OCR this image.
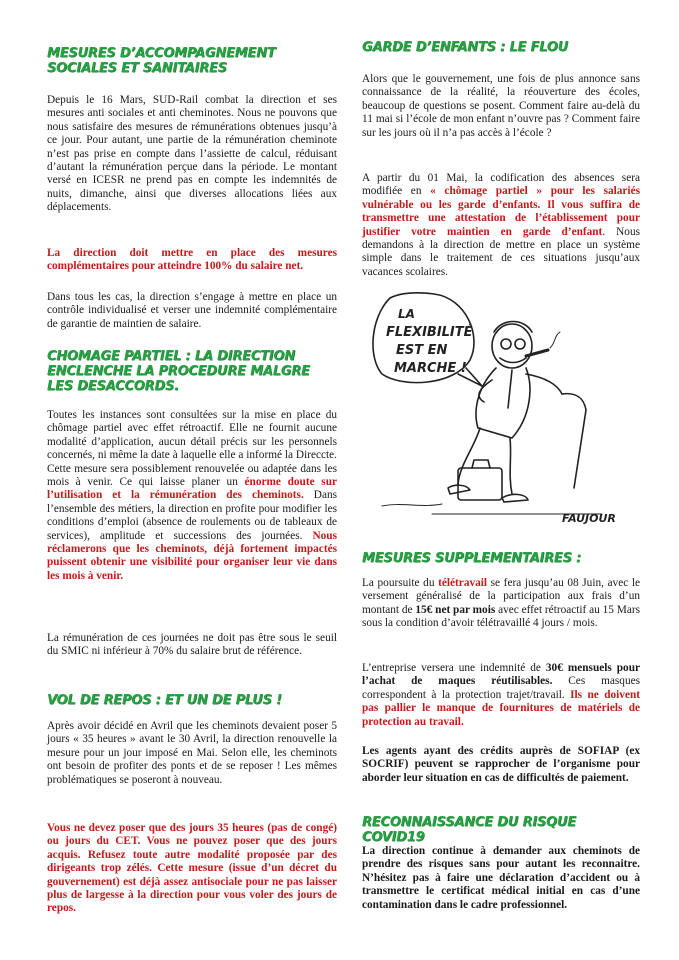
MESURES D’ACCOMPAGNEMENT
SOCIALES ET SANITAIRES

Depuis le 16 Mars, SUD-Rail combat la direction et ses mesures anti sociales et anti cheminotes. Nous ne pouvons que nous satisfaire des mesures de rémunérations obtenues jusqu’à ce jour. Pour autant, une partie de la rémunération cheminote n’est pas prise en compte dans l’assiette de calcul, réduisant d’autant la rémunération perçue dans la période. Le montant versé en ICESR ne prend pas en compte les indemnités de nuits, dimanche, ainsi que diverses allocations liées aux déplacements.

La direction doit mettre en place des mesures complémentaires pour atteindre 100% du salaire net.

Dans tous les cas, la direction s’engage à mettre en place un contrôle individualisé et verser une indemnité complémentaire de garantie de maintien de salaire.

CHOMAGE PARTIEL : LA DIRECTION
ENCLENCHE LA PROCEDURE MALGRE
LES DESACCORDS.

Toutes les instances sont consultées sur la mise en place du chômage partiel avec effet rétroactif. Elle ne fournit aucune modalité d’application, aucun détail précis sur les personnels concernés, ni même la date à laquelle elle a informé la Direccte. Cette mesure sera possiblement renouvelée ou adaptée dans les mois à venir. Ce qui laisse planer un énorme doute sur l’utilisation et la rémunération des cheminots. Dans l’ensemble des métiers, la direction en profite pour modifier les conditions d’emploi (absence de roulements ou de tableaux de services), amplitude et successions des journées. Nous réclamerons que les cheminots, déjà fortement impactés puissent obtenir une visibilité pour organiser leur vie dans les mois à venir.

La rémunération de ces journées ne doit pas être sous le seuil du SMIC ni inférieur à 70% du salaire brut de référence.

VOL DE REPOS : ET UN DE PLUS !

Après avoir décidé en Avril que les cheminots devaient poser 5 jours « 35 heures » avant le 30 Avril, la direction renouvelle la mesure pour un jour imposé en Mai. Selon elle, les cheminots ont besoin de profiter des ponts et de se reposer ! Les mêmes problématiques se poseront à nouveau.

Vous ne devez poser que des jours 35 heures (pas de congé) ou jours du CET. Vous ne pouvez poser que des jours acquis. Refusez toute autre modalité proposée par des dirigeants trop zélés. Cette mesure (issue d’un décret du gouvernement) est déjà assez antisociale pour ne pas laisser plus de largesse à la direction pour vous voler des jours de repos.

GARDE D’ENFANTS : LE FLOU

Alors que le gouvernement, une fois de plus annonce sans connaissance de la réalité, la réouverture des écoles, beaucoup de questions se posent. Comment faire au-delà du 11 mai si l’école de mon enfant n’ouvre pas ? Comment faire sur les jours où il n’a pas accès à l’école ?

A partir du 01 Mai, la codification des absences sera modifiée en « chômage partiel » pour les salariés vulnérable ou les garde d’enfants. Il vous suffira de transmettre une attestation de l’établissement pour justifier votre maintien en garde d’enfant. Nous demandons à la direction de mettre en place un système simple dans le traitement de ces situations jusqu’aux vacances scolaires.

LA
FLEXIBILITÉ
EST EN
MARCHE !
FAUJOUR
MESURES SUPPLEMENTAIRES :

La poursuite du télétravail se fera jusqu’au 08 Juin, avec le versement généralisé de la participation aux frais d’un montant de 15€ net par mois avec effet rétroactif au 15 Mars sous la condition d’avoir télétravaillé 4 jours / mois.

L’entreprise versera une indemnité de 30€ mensuels pour l’achat de maques réutilisables. Ces masques correspondent à la protection trajet/travail. Ils ne doivent pas pallier le manque de fournitures de matériels de protection au travail.

Les agents ayant des crédits auprès de SOFIAP (ex SOCRIF) peuvent se rapprocher de l’organisme pour aborder leur situation en cas de difficultés de paiement.

RECONNAISSANCE DU RISQUE COVID19

La direction continue à demander aux cheminots de prendre des risques sans pour autant les reconnaitre. N’hésitez pas à faire une déclaration d’accident ou à transmettre le certificat médical initial en cas d’une contamination dans le cadre professionnel.
